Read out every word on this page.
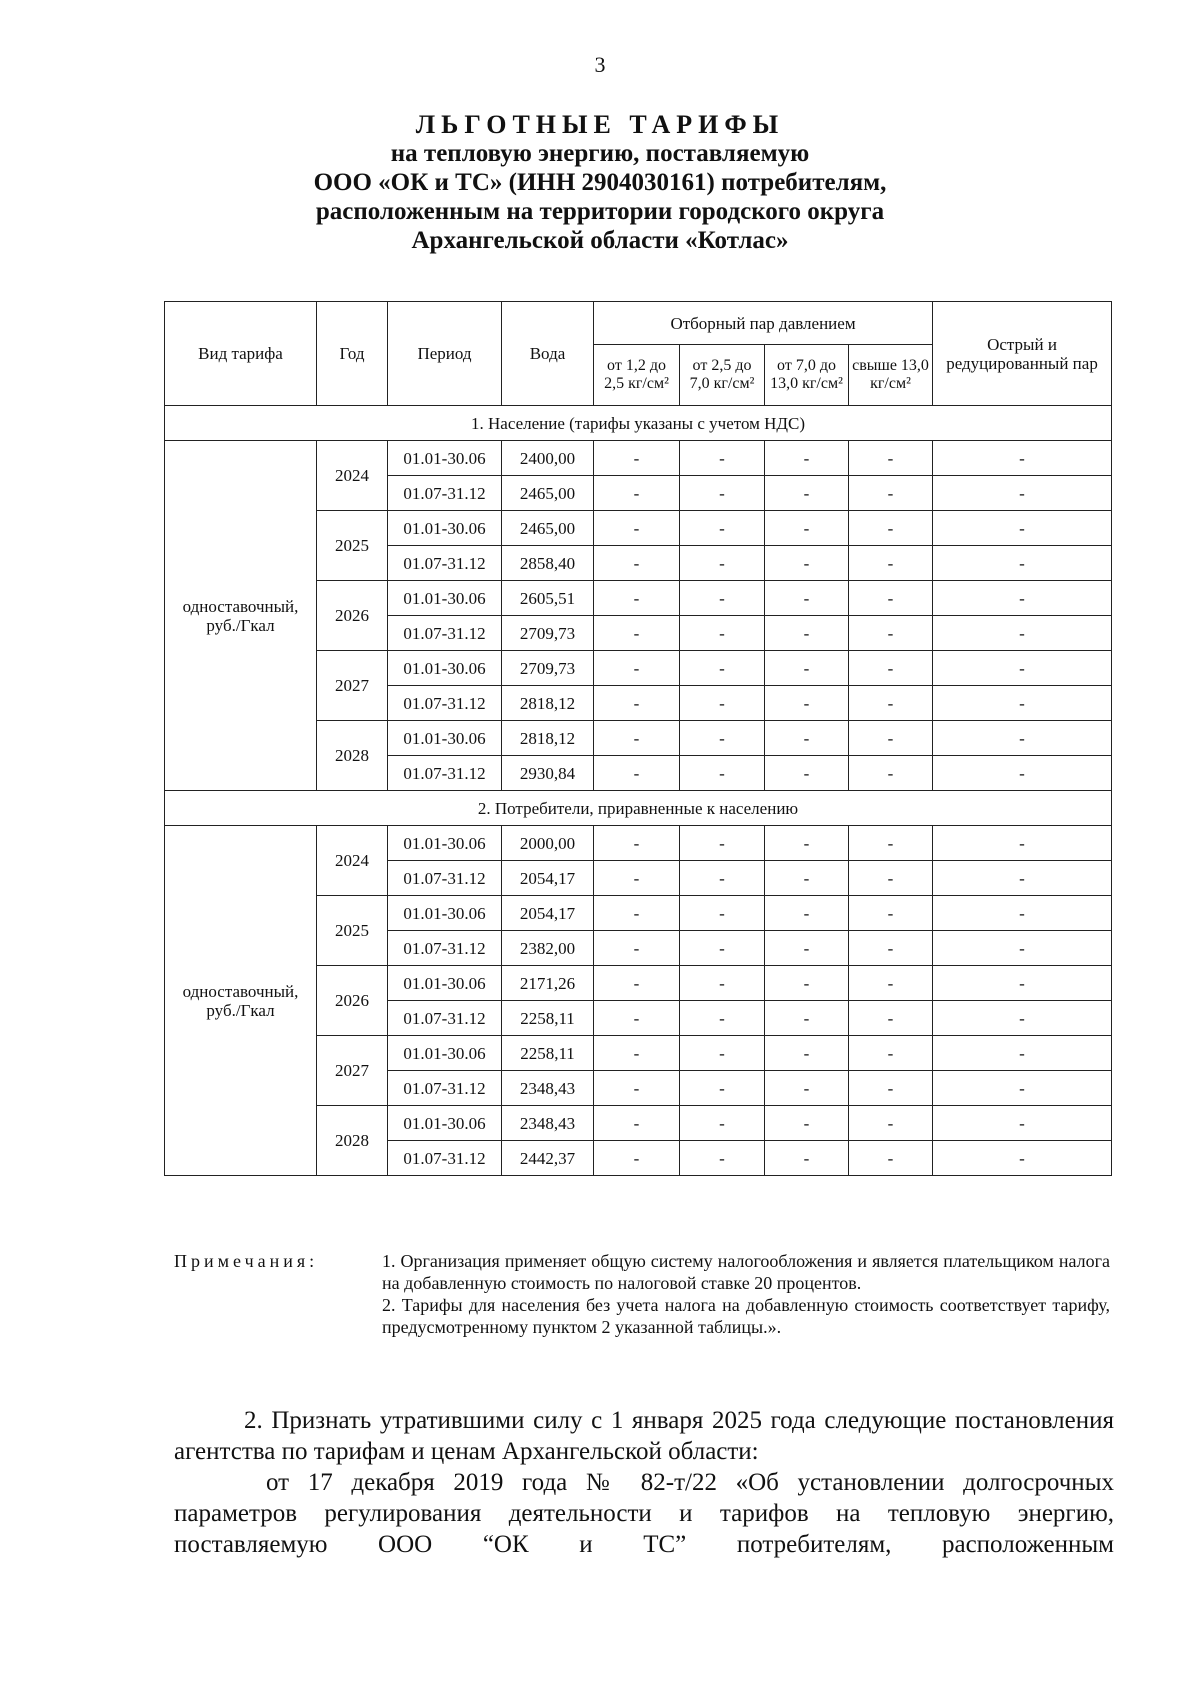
3
ЛЬГОТНЫЕ ТАРИФЫ
на тепловую энергию, поставляемую
ООО «ОК и ТС» (ИНН 2904030161) потребителям,
расположенным на территории городского округа
Архангельской области «Котлас»
Вид тарифа	Год	Период	Вода	Отборный пар давлением				Острый и редуцированный пар
				от 1,2 до 2,5 кг/см²	от 2,5 до 7,0 кг/см²	от 7,0 до 13,0 кг/см²	свыше 13,0 кг/см²	
1. Население (тарифы указаны с учетом НДС)								
одноставочный, руб./Гкал	2024	01.01-30.06	2400,00	-	-	-	-	-
		01.07-31.12	2465,00	-	-	-	-	-
	2025	01.01-30.06	2465,00	-	-	-	-	-
		01.07-31.12	2858,40	-	-	-	-	-
	2026	01.01-30.06	2605,51	-	-	-	-	-
		01.07-31.12	2709,73	-	-	-	-	-
	2027	01.01-30.06	2709,73	-	-	-	-	-
		01.07-31.12	2818,12	-	-	-	-	-
	2028	01.01-30.06	2818,12	-	-	-	-	-
		01.07-31.12	2930,84	-	-	-	-	-
2. Потребители, приравненные к населению								
одноставочный, руб./Гкал	2024	01.01-30.06	2000,00	-	-	-	-	-
		01.07-31.12	2054,17	-	-	-	-	-
	2025	01.01-30.06	2054,17	-	-	-	-	-
		01.07-31.12	2382,00	-	-	-	-	-
	2026	01.01-30.06	2171,26	-	-	-	-	-
		01.07-31.12	2258,11	-	-	-	-	-
	2027	01.01-30.06	2258,11	-	-	-	-	-
		01.07-31.12	2348,43	-	-	-	-	-
	2028	01.01-30.06	2348,43	-	-	-	-	-
		01.07-31.12	2442,37	-	-	-	-	-
Примечания:	1. Организация применяет общую систему налогообложения и является плательщиком налога на добавленную стоимость по налоговой ставке 20 процентов.

2. Тарифы для населения без учета налога на добавленную стоимость соответствует тарифу, предусмотренному пунктом 2 указанной таблицы.».

2. Признать утратившими силу с 1 января 2025 года следующие постановления агентства по тарифам и ценам Архангельской области:
от 17 декабря 2019 года № 82-т/22 «Об установлении долгосрочных параметров регулирования деятельности и тарифов на тепловую энергию, поставляемую ООО “ОК и ТС” потребителям, расположенным
